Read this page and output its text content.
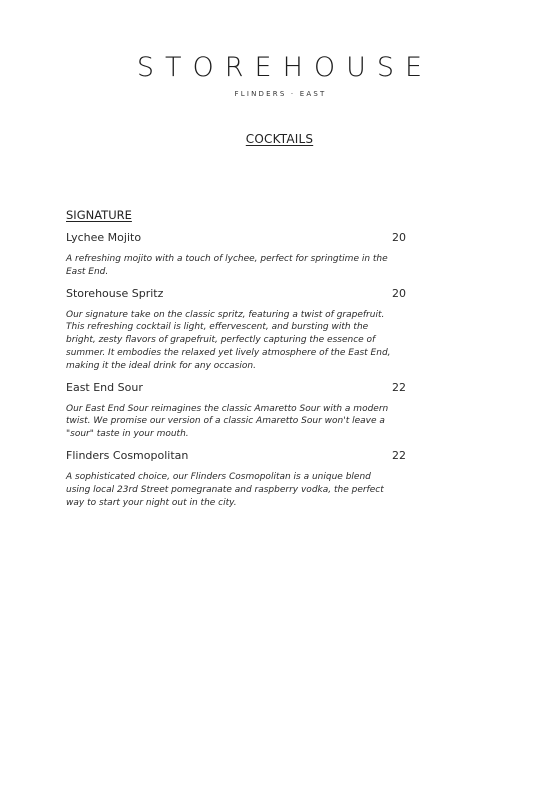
STOREHOUSE
FLINDERS · EAST
COCKTAILS
SIGNATURE
Lychee Mojito	20
A refreshing mojito with a touch of lychee, perfect for springtime in the East End.
Storehouse Spritz	20
Our signature take on the classic spritz, featuring a twist of grapefruit. This refreshing cocktail is light, effervescent, and bursting with the bright, zesty flavors of grapefruit, perfectly capturing the essence of summer. It embodies the relaxed yet lively atmosphere of the East End, making it the ideal drink for any occasion.
East End Sour	22
Our East End Sour reimagines the classic Amaretto Sour with a modern twist. We promise our version of a classic Amaretto Sour won't leave a "sour" taste in your mouth.
Flinders Cosmopolitan	22
A sophisticated choice, our Flinders Cosmopolitan is a unique blend using local 23rd Street pomegranate and raspberry vodka, the perfect way to start your night out in the city.
